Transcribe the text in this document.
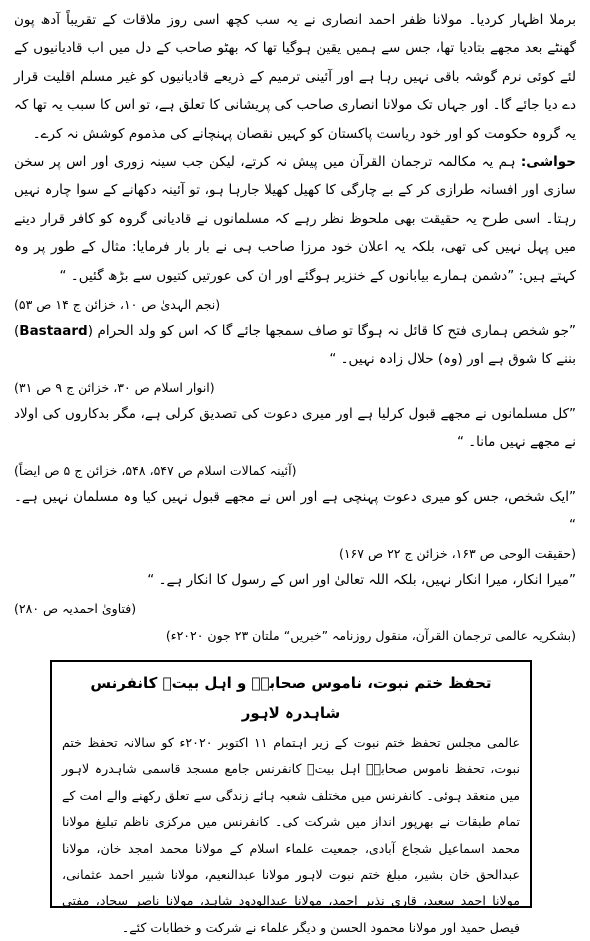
برملا اظہار کردیا۔ مولانا ظفر احمد انصاری نے یہ سب کچھ اسی روز ملاقات کے تقریباً آدھ پون گھنٹے بعد مجھے بتادیا تھا، جس سے ہمیں یقین ہوگیا تھا کہ بھٹو صاحب کے دل میں اب قادیانیوں کے لئے کوئی نرم گوشہ باقی نہیں رہا ہے اور آئینی ترمیم کے ذریعے قادیانیوں کو غیر مسلم اقلیت قرار دے دیا جائے گا۔ اور جہاں تک مولانا انصاری صاحب کی پریشانی کا تعلق ہے، تو اس کا سبب یہ تھا کہ یہ گروہ حکومت کو اور خود ریاست پاکستان کو کہیں نقصان پہنچانے کی مذموم کوشش نہ کرے۔

حواشی: ہم یہ مکالمہ ترجمان القرآن میں پیش نہ کرتے، لیکن جب سینہ زوری اور اس پر سخن سازی اور افسانہ طرازی کر کے بے چارگی کا کھیل کھیلا جارہا ہو، تو آئینہ دکھانے کے سوا چارہ نہیں رہتا۔ اسی طرح یہ حقیقت بھی ملحوظ نظر رہے کہ مسلمانوں نے قادیانی گروہ کو کافر قرار دینے میں پہل نہیں کی تھی، بلکہ یہ اعلان خود مرزا صاحب ہی نے بار بار فرمایا: مثال کے طور پر وہ کہتے ہیں: ”دشمن ہمارے بیابانوں کے خنزیر ہوگئے اور ان کی عورتیں کتیوں سے بڑھ گئیں۔ “

(نجم الہدیٰ ص ۱۰، خزائن ج ۱۴ ص ۵۳)

”جو شخص ہماری فتح کا قائل نہ ہوگا تو صاف سمجھا جائے گا کہ اس کو ولد الحرام (Bastaard) بننے کا شوق ہے اور (وہ) حلال زادہ نہیں۔ “

(انوار اسلام ص ۳۰، خزائن ج ۹ ص ۳۱)

”کل مسلمانوں نے مجھے قبول کرلیا ہے اور میری دعوت کی تصدیق کرلی ہے، مگر بدکاروں کی اولاد نے مجھے نہیں مانا۔ “

(آئینہ کمالات اسلام ص ۵۴۷، ۵۴۸، خزائن ج ۵ ص ایضاً)

”ایک شخص، جس کو میری دعوت پہنچی ہے اور اس نے مجھے قبول نہیں کیا وہ مسلمان نہیں ہے۔ “

(حقیقت الوحی ص ۱۶۳، خزائن ج ۲۲ ص ۱۶۷)

”میرا انکار، میرا انکار نہیں، بلکہ اللہ تعالیٰ اور اس کے رسول کا انکار ہے۔ “

(فتاویٰ احمدیہ ص ۲۸۰)

(بشکریہ عالمی ترجمان القرآن، منقول روزنامہ ”خبریں“ ملتان ۲۳ جون ۲۰۲۰ء)

تحفظ ختم نبوت، ناموس صحابہؓ و اہل بیتؓ کانفرنس شاہدرہ لاہور

عالمی مجلس تحفظ ختم نبوت کے زیر اہتمام ۱۱ اکتوبر ۲۰۲۰ء کو سالانہ تحفظ ختم نبوت، تحفظ ناموس صحابہؓ اہل بیتؓ کانفرنس جامع مسجد قاسمی شاہدرہ لاہور میں منعقد ہوئی۔ کانفرنس میں مختلف شعبہ ہائے زندگی سے تعلق رکھنے والے امت کے تمام طبقات نے بھرپور انداز میں شرکت کی۔ کانفرنس میں مرکزی ناظم تبلیغ مولانا محمد اسماعیل شجاع آبادی، جمعیت علماء اسلام کے مولانا محمد امجد خان، مولانا عبدالحق خان بشیر، مبلغ ختم نبوت لاہور مولانا عبدالنعیم، مولانا شبیر احمد عثمانی، مولانا احمد سعید، قاری نذیر احمد، مولانا عبدالودود شاہد، مولانا ناصر سجاد، مفتی فیصل حمید اور مولانا محمود الحسن و دیگر علماء نے شرکت و خطابات کئے۔
